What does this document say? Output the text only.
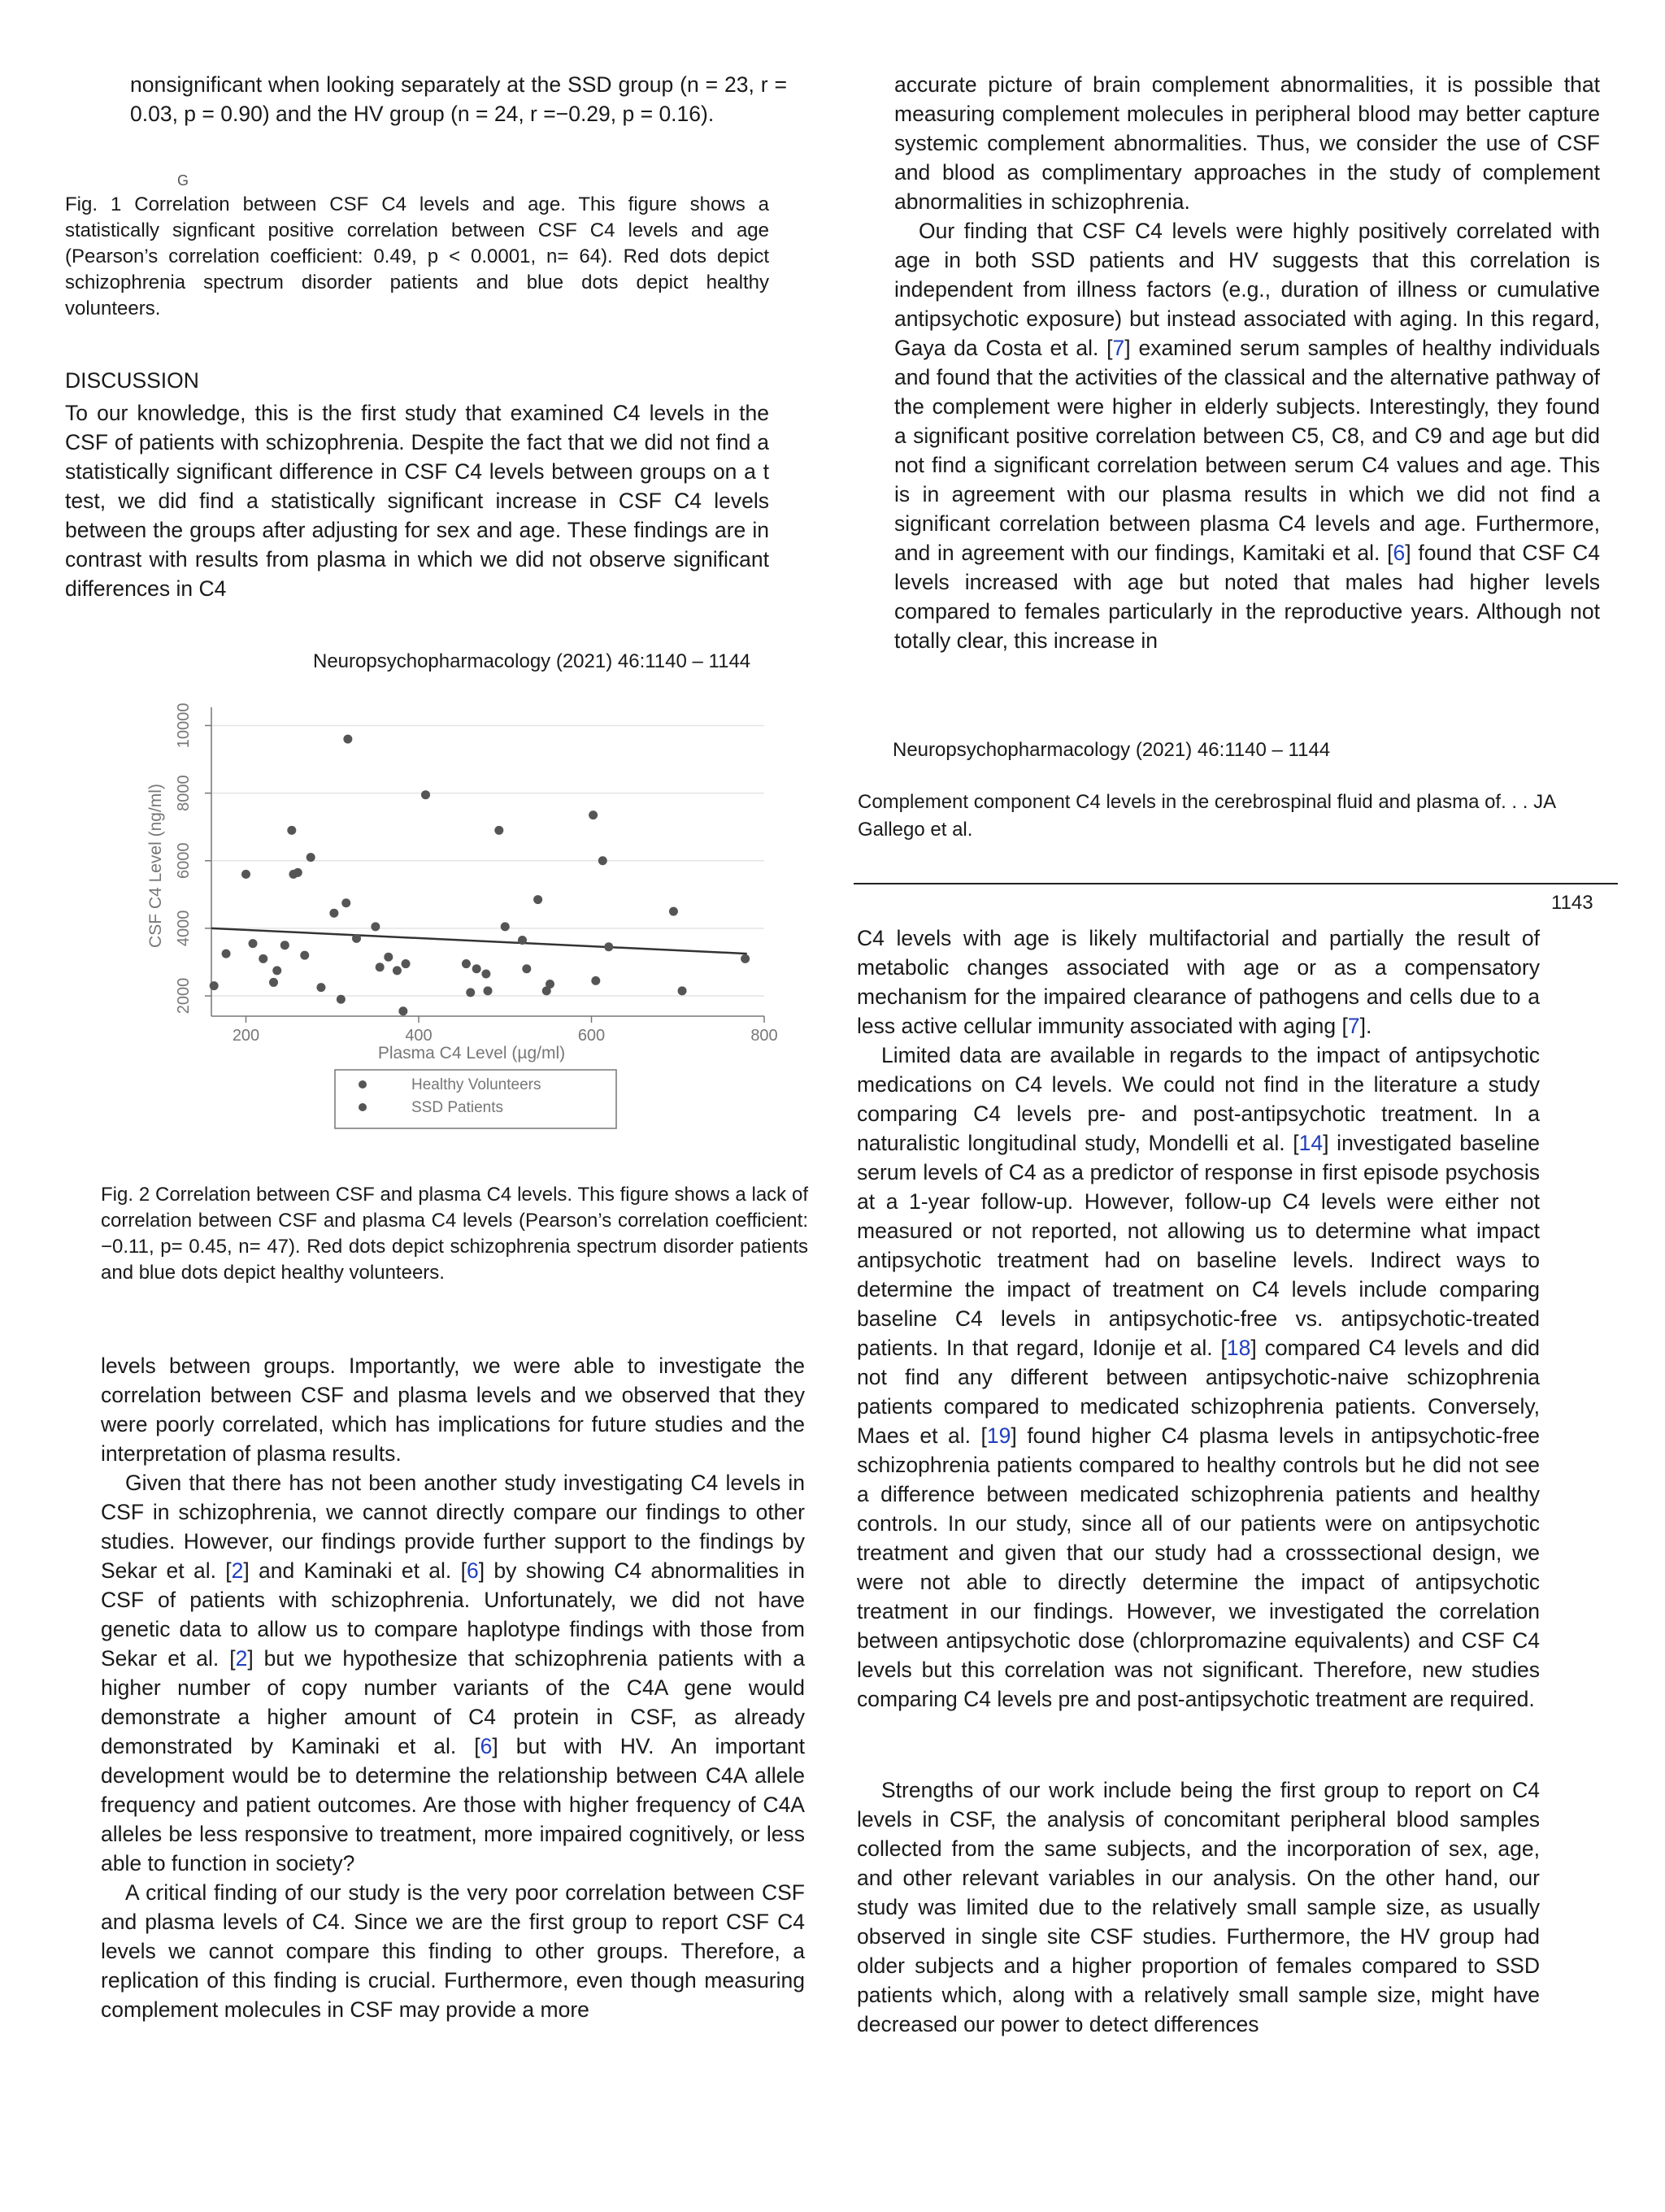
nonsignificant when looking separately at the SSD group (n = 23, r = 0.03, p = 0.90) and the HV group (n = 24, r =−0.29, p = 0.16).

G

Fig. 1 Correlation between CSF C4 levels and age. This figure shows a statistically signficant positive correlation between CSF C4 levels and age (Pearson’s correlation coefficient: 0.49, p < 0.0001, n= 64). Red dots depict schizophrenia spectrum disorder patients and blue dots depict healthy volunteers.

DISCUSSION

To our knowledge, this is the first study that examined C4 levels in the CSF of patients with schizophrenia. Despite the fact that we did not find a statistically significant difference in CSF C4 levels between groups on a t test, we did find a statistically significant increase in CSF C4 levels between the groups after adjusting for sex and age. These findings are in contrast with results from plasma in which we did not observe significant differences in C4

Neuropsychopharmacology (2021) 46:1140 – 1144
2000
4000
6000
8000
10000
200	400	600	800
Plasma C4 Level (µg/ml)
CSF C4 Level (ng/ml)
Healthy Volunteers
SSD Patients

Fig. 2 Correlation between CSF and plasma C4 levels. This figure shows a lack of correlation between CSF and plasma C4 levels (Pearson’s correlation coefficient: −0.11, p= 0.45, n= 47). Red dots depict schizophrenia spectrum disorder patients and blue dots depict healthy volunteers.

levels between groups. Importantly, we were able to investigate the correlation between CSF and plasma levels and we observed that they were poorly correlated, which has implications for future studies and the interpretation of plasma results.

Given that there has not been another study investigating C4 levels in CSF in schizophrenia, we cannot directly compare our findings to other studies. However, our findings provide further support to the findings by Sekar et al. [2] and Kaminaki et al. [6] by showing C4 abnormalities in CSF of patients with schizophrenia. Unfortunately, we did not have genetic data to allow us to compare haplotype findings with those from Sekar et al. [2] but we hypothesize that schizophrenia patients with a higher number of copy number variants of the C4A gene would demonstrate a higher amount of C4 protein in CSF, as already demonstrated by Kaminaki et al. [6] but with HV. An important development would be to determine the relationship between C4A allele frequency and patient outcomes. Are those with higher frequency of C4A alleles be less responsive to treatment, more impaired cognitively, or less able to function in society?

A critical finding of our study is the very poor correlation between CSF and plasma levels of C4. Since we are the first group to report CSF C4 levels we cannot compare this finding to other groups. Therefore, a replication of this finding is crucial. Furthermore, even though measuring complement molecules in CSF may provide a more

accurate picture of brain complement abnormalities, it is possible that measuring complement molecules in peripheral blood may better capture systemic complement abnormalities. Thus, we consider the use of CSF and blood as complimentary approaches in the study of complement abnormalities in schizophrenia.

Our finding that CSF C4 levels were highly positively correlated with age in both SSD patients and HV suggests that this correlation is independent from illness factors (e.g., duration of illness or cumulative antipsychotic exposure) but instead associated with aging. In this regard, Gaya da Costa et al. [7] examined serum samples of healthy individuals and found that the activities of the classical and the alternative pathway of the complement were higher in elderly subjects. Interestingly, they found a significant positive correlation between C5, C8, and C9 and age but did not find a significant correlation between serum C4 values and age. This is in agreement with our plasma results in which we did not find a significant correlation between plasma C4 levels and age. Furthermore, and in agreement with our findings, Kamitaki et al. [6] found that CSF C4 levels increased with age but noted that males had higher levels compared to females particularly in the reproductive years. Although not totally clear, this increase in

Neuropsychopharmacology (2021) 46:1140 – 1144

Complement component C4 levels in the cerebrospinal fluid and plasma of. . . JA Gallego et al.

1143

C4 levels with age is likely multifactorial and partially the result of metabolic changes associated with age or as a compensatory mechanism for the impaired clearance of pathogens and cells due to a less active cellular immunity associated with aging [7].

Limited data are available in regards to the impact of antipsychotic medications on C4 levels. We could not find in the literature a study comparing C4 levels pre- and post-antipsychotic treatment. In a naturalistic longitudinal study, Mondelli et al. [14] investigated baseline serum levels of C4 as a predictor of response in first episode psychosis at a 1-year follow-up. However, follow-up C4 levels were either not measured or not reported, not allowing us to determine what impact antipsychotic treatment had on baseline levels. Indirect ways to determine the impact of treatment on C4 levels include comparing baseline C4 levels in antipsychotic-free vs. antipsychotic-treated patients. In that regard, Idonije et al. [18] compared C4 levels and did not find any different between antipsychotic-naive schizophrenia patients compared to medicated schizophrenia patients. Conversely, Maes et al. [19] found higher C4 plasma levels in antipsychotic-free schizophrenia patients compared to healthy controls but he did not see a difference between medicated schizophrenia patients and healthy controls. In our study, since all of our patients were on antipsychotic treatment and given that our study had a crosssectional design, we were not able to directly determine the impact of antipsychotic treatment in our findings. However, we investigated the correlation between antipsychotic dose (chlorpromazine equivalents) and CSF C4 levels but this correlation was not significant. Therefore, new studies comparing C4 levels pre and post-antipsychotic treatment are required.

Strengths of our work include being the first group to report on C4 levels in CSF, the analysis of concomitant peripheral blood samples collected from the same subjects, and the incorporation of sex, age, and other relevant variables in our analysis. On the other hand, our study was limited due to the relatively small sample size, as usually observed in single site CSF studies. Furthermore, the HV group had older subjects and a higher proportion of females compared to SSD patients which, along with a relatively small sample size, might have decreased our power to detect differences
